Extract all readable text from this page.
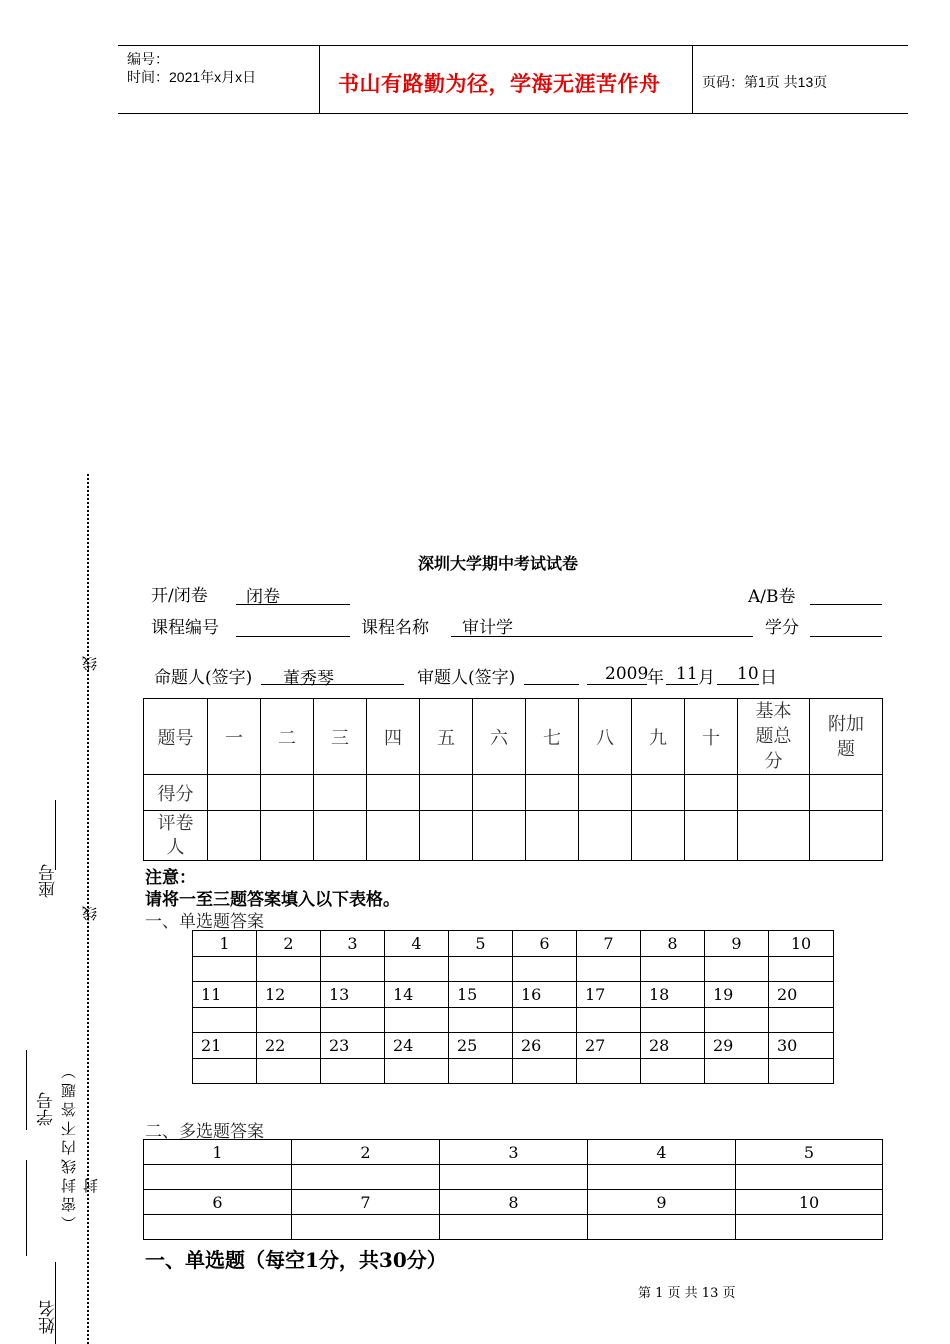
编号：
时间：2021年x月x日	书山有路勤为径，学海无涯苦作舟	页码：第1页 共13页
线
线
座号
学号 （密封线内不答题） 封
姓名
深圳大学期中考试试卷
开/闭卷 闭卷	A/B卷
课程编号	课程名称 审计学	学分
命题人(签字) 董秀琴	审题人(签字)	2009
年 11 月 10 日
题号	一	二	三	四	五	六	七	八	九	十	基本题总分	附加题
得分												
评卷人												
注意：
请将一至三题答案填入以下表格。
一、单选题答案
1	2	3	4	5	6	7	8	9	10

11	12	13	14	15	16	17	18	19	20

21	22	23	24	25	26	27	28	29	30

二、多选题答案
1	2	3	4	5

6	7	8	9	10

一、单选题（每空1分，共30分）
第 1 页 共 13 页
